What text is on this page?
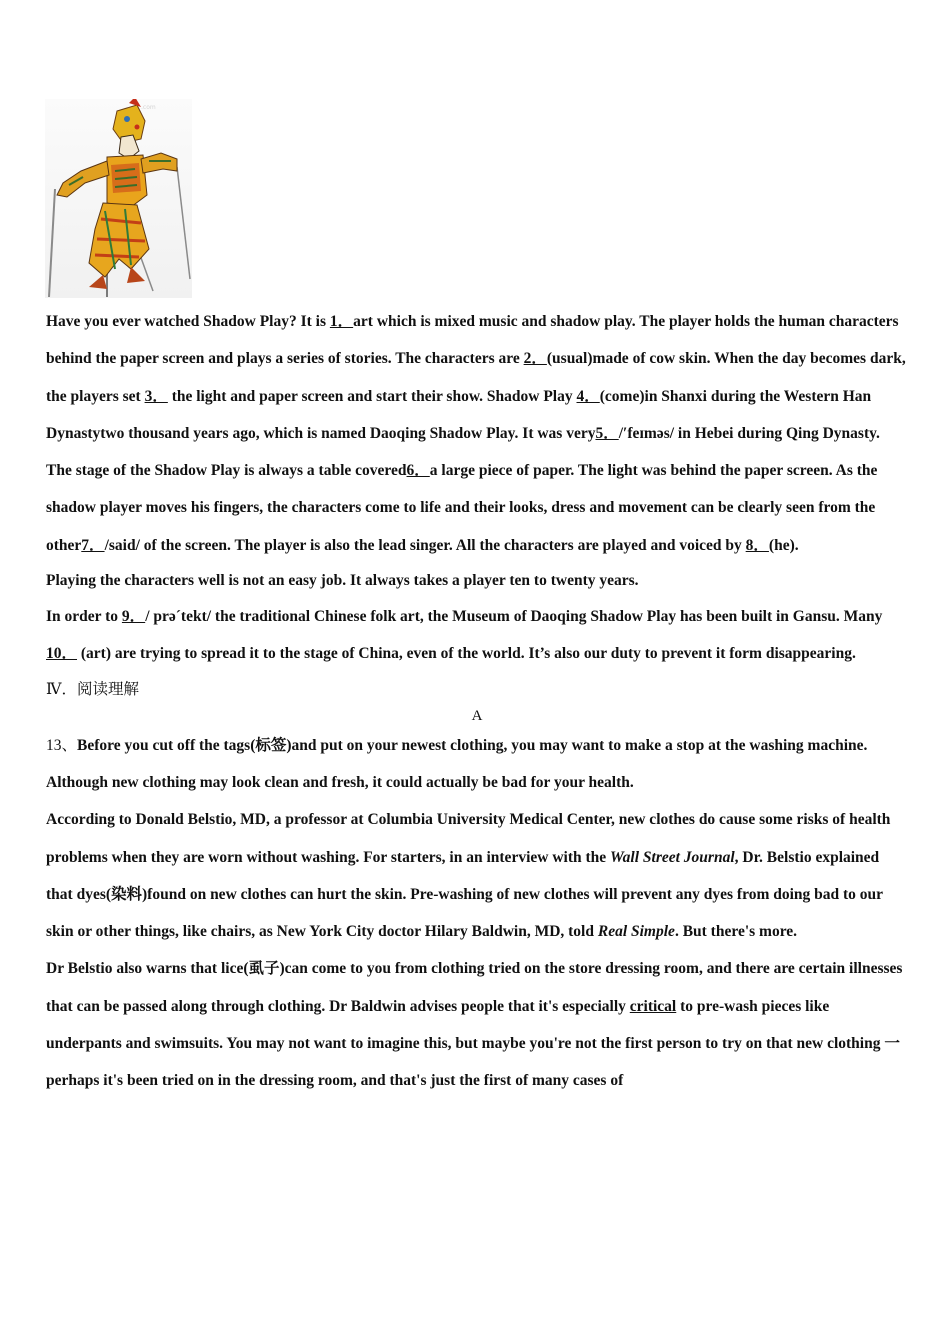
.com

Have you ever watched Shadow Play? It is 1．art which is mixed music and shadow play. The player holds the human characters behind the paper screen and plays a series of stories. The characters are 2．(usual)made of cow skin. When the day becomes dark, the players set 3． the light and paper screen and start their show. Shadow Play 4．(come)in Shanxi during the Western Han Dynastytwo thousand years ago, which is named Daoqing Shadow Play. It was very5．/′feɪməs/ in Hebei during Qing Dynasty.

The stage of the Shadow Play is always a table covered6．a large piece of paper. The light was behind the paper screen. As the shadow player moves his fingers, the characters come to life and their looks, dress and movement can be clearly seen from the other7．/said/ of the screen. The player is also the lead singer. All the characters are played and voiced by 8．(he).

Playing the characters well is not an easy job. It always takes a player ten to twenty years.

In order to 9．/ prə´tekt/ the traditional Chinese folk art, the Museum of Daoqing Shadow Play has been built in Gansu. Many 10． (art) are trying to spread it to the stage of China, even of the world. It’s also our duty to prevent it form disappearing.

Ⅳ．阅读理解

A

13、Before you cut off the tags(标签)and put on your newest clothing, you may want to make a stop at the washing machine. Although new clothing may look clean and fresh, it could actually be bad for your health.

According to Donald Belstio, MD, a professor at Columbia University Medical Center, new clothes do cause some risks of health problems when they are worn without washing. For starters, in an interview with the Wall Street Journal, Dr. Belstio explained that dyes(染料)found on new clothes can hurt the skin. Pre-washing of new clothes will prevent any dyes from doing bad to our skin or other things, like chairs, as New York City doctor Hilary Baldwin, MD, told Real Simple. But there's more.

Dr Belstio also warns that lice(虱子)can come to you from clothing tried on the store dressing room, and there are certain illnesses that can be passed along through clothing. Dr Baldwin advises people that it's especially critical to pre-wash pieces like underpants and swimsuits. You may not want to imagine this, but maybe you're not the first person to try on that new clothing 一 perhaps it's been tried on in the dressing room, and that's just the first of many cases of
